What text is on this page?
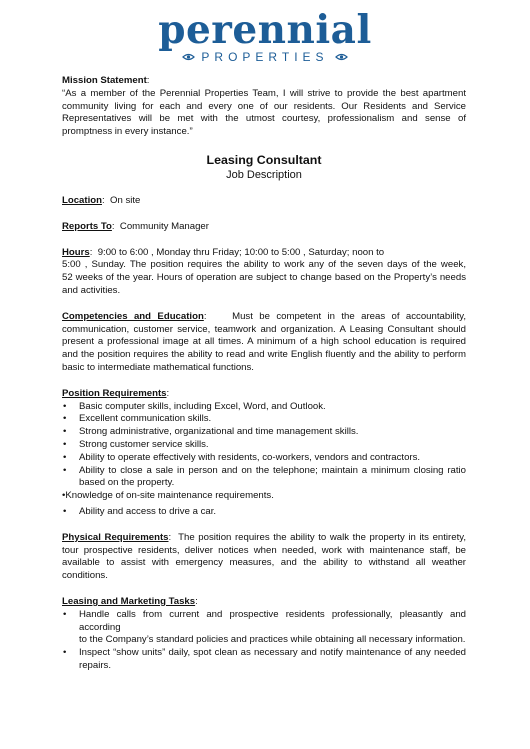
perennial
PROPERTIES
Mission Statement:
“As a member of the Perennial Properties Team, I will strive to provide the best apartment
community living for each and every one of our residents. Our Residents and Service
Representatives will be met with the utmost courtesy, professionalism and sense of
promptness in every instance.”
Leasing Consultant
Job Description
Location:  On site
Reports To:  Community Manager
Hours:  9:00 to 6:00 , Monday thru Friday; 10:00 to 5:00 , Saturday; noon to
5:00 , Sunday. The position requires the ability to work any of the seven days of the week,
52 weeks of the year. Hours of operation are subject to change based on the Property’s needs
and activities.
Competencies and Education:    Must be competent in the areas of accountability,
communication, customer service, teamwork and organization. A Leasing Consultant should
present a professional image at all times. A minimum of a high school education is required
and the position requires the ability to read and write English fluently and the ability to perform
basic to intermediate mathematical functions.
Position Requirements:
• Basic computer skills, including Excel, Word, and Outlook.
• Excellent communication skills.
• Strong administrative, organizational and time management skills.
• Strong customer service skills.
• Ability to operate effectively with residents, co-workers, vendors and contractors.
• Ability to close a sale in person and on the telephone; maintain a minimum closing ratio
based on the property.
•Knowledge of on-site maintenance requirements.
• Ability and access to drive a car.
Physical Requirements:  The position requires the ability to walk the property in its entirety,
tour prospective residents, deliver notices when needed, work with maintenance staff, be
available to assist with emergency measures, and the ability to withstand all weather
conditions.
Leasing and Marketing Tasks:
• Handle calls from current and prospective residents professionally, pleasantly and according
to the Company’s standard policies and practices while obtaining all necessary information.
• Inspect “show units” daily, spot clean as necessary and notify maintenance of any needed
repairs.
